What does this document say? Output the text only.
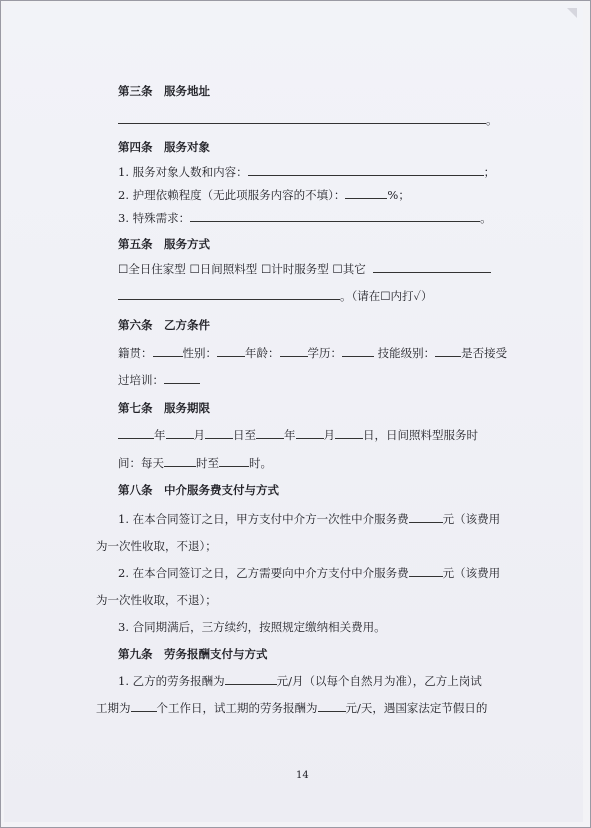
第三条　服务地址
。
第四条　服务对象
1. 服务对象人数和内容：	；
2. 护理依赖程度（无此项服务内容的不填）：	%；
3. 特殊需求：	。
第五条　服务方式
☐全日住家型 ☐日间照料型 ☐计时服务型 ☐其它
。（请在☐内打✓）
第六条　乙方条件
籍贯：	性别： 年龄： 学历：	技能级别： 是否接受
过培训：
第七条　服务期限
年 月 日至 年 月 日，日间照料型服务时
间：每天	时至	时。
第八条　中介服务费支付与方式
1. 在本合同签订之日，甲方支付中介方一次性中介服务费	元（该费用
为一次性收取，不退）；
2. 在本合同签订之日，乙方需要向中介方支付中介服务费	元（该费用
为一次性收取，不退）；
3. 合同期满后，三方续约，按照规定缴纳相关费用。
第九条　劳务报酬支付与方式
1. 乙方的劳务报酬为	元/月（以每个自然月为准），乙方上岗试
工期为 个工作日，试工期的劳务报酬为 元/天，遇国家法定节假日的
14
